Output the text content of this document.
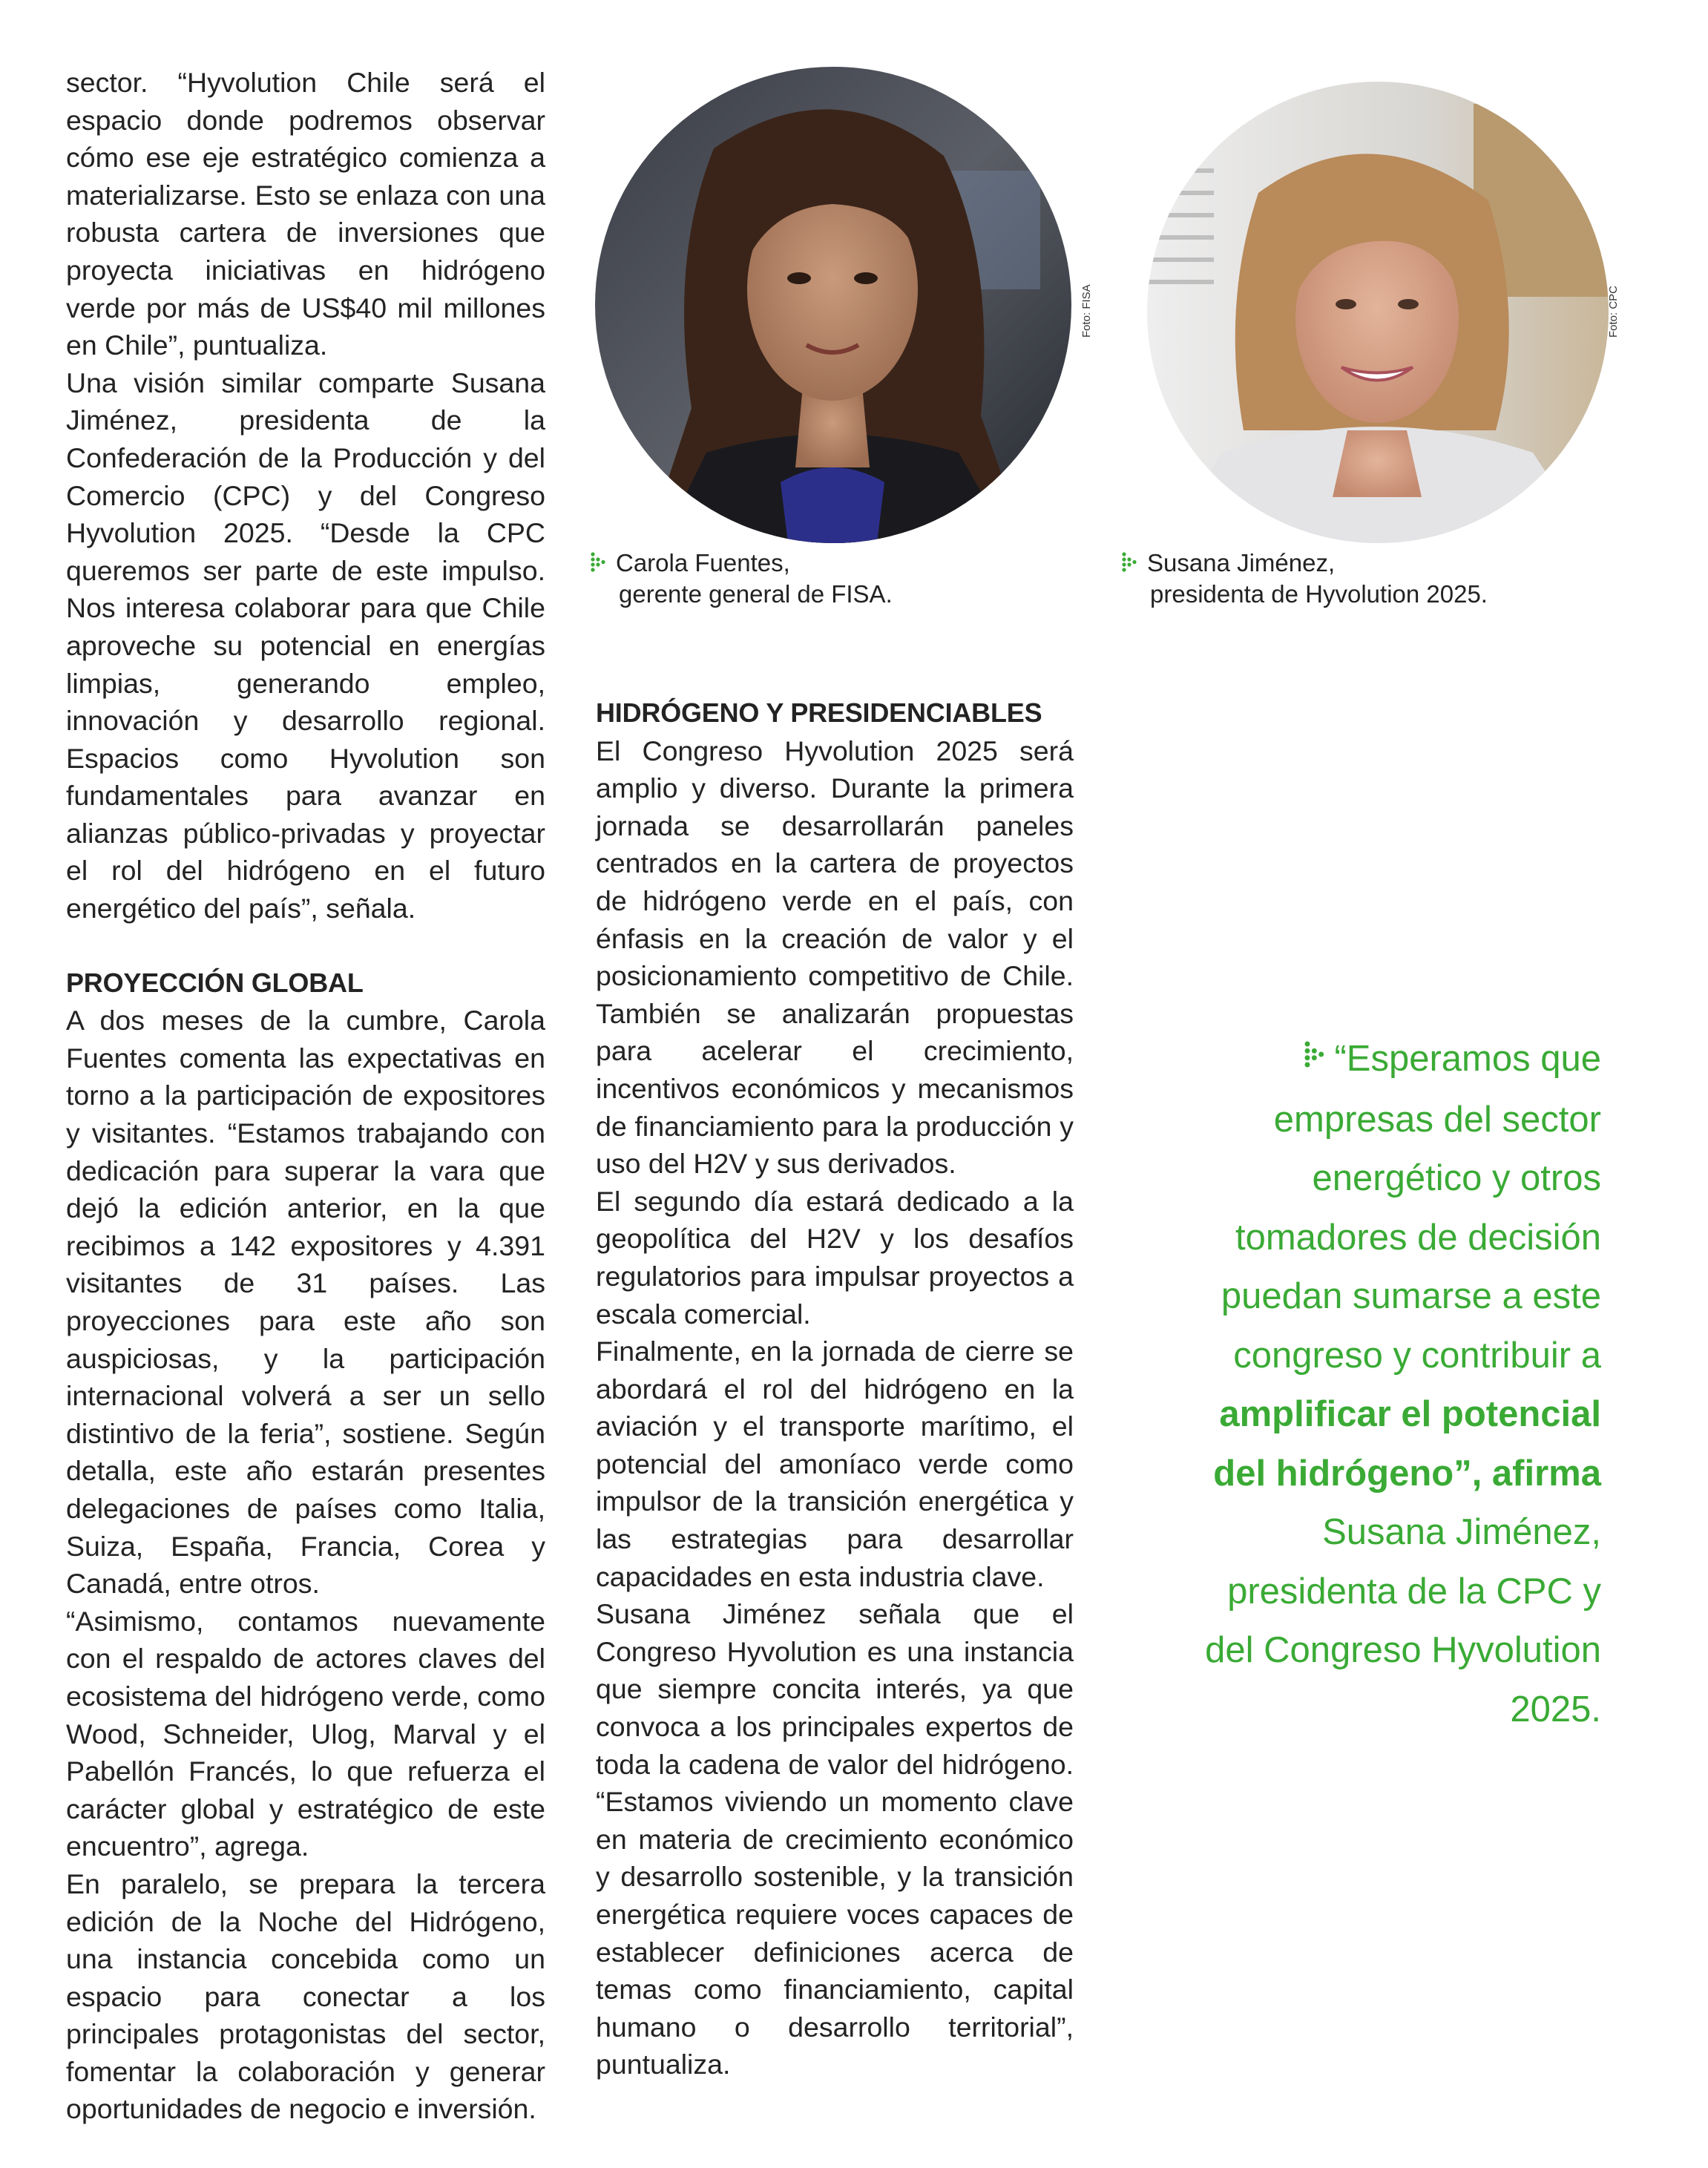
sector. “Hyvolution Chile será el espacio donde podremos observar cómo ese eje estratégico comienza a materializarse. Esto se enlaza con una robusta cartera de inversiones que proyecta iniciativas en hidrógeno verde por más de US$40 mil millones en Chile”, puntualiza.

Una visión similar comparte Susana Jiménez, presidenta de la Confederación de la Producción y del Comercio (CPC) y del Congreso Hyvolution 2025. “Desde la CPC queremos ser parte de este impulso. Nos interesa colaborar para que Chile aproveche su potencial en energías limpias, generando empleo, innovación y desarrollo regional. Espacios como Hyvolution son fundamentales para avanzar en alianzas público-privadas y proyectar el rol del hidrógeno en el futuro energético del país”, señala.

PROYECCIÓN GLOBAL

A dos meses de la cumbre, Carola Fuentes comenta las expectativas en torno a la participación de expositores y visitantes. “Estamos trabajando con dedicación para superar la vara que dejó la edición anterior, en la que recibimos a 142 expositores y 4.391 visitantes de 31 países. Las proyecciones para este año son auspiciosas, y la participación internacional volverá a ser un sello distintivo de la feria”, sostiene. Según detalla, este año estarán presentes delegaciones de países como Italia, Suiza, España, Francia, Corea y Canadá, entre otros.

“Asimismo, contamos nuevamente con el respaldo de actores claves del ecosistema del hidrógeno verde, como Wood, Schneider, Ulog, Marval y el Pabellón Francés, lo que refuerza el carácter global y estratégico de este encuentro”, agrega.

En paralelo, se prepara la tercera edición de la Noche del Hidrógeno, una instancia concebida como un espacio para conectar a los principales protagonistas del sector, fomentar la colaboración y generar oportunidades de negocio e inversión.

Foto: FISA	Foto: CPC
Carola Fuentes,
gerente general de FISA.
Susana Jiménez,
presidenta de Hyvolution 2025.
HIDRÓGENO Y PRESIDENCIABLES

El Congreso Hyvolution 2025 será amplio y diverso. Durante la primera jornada se desarrollarán paneles centrados en la cartera de proyectos de hidrógeno verde en el país, con énfasis en la creación de valor y el posicionamiento competitivo de Chile. También se analizarán propuestas para acelerar el crecimiento, incentivos económicos y mecanismos de financiamiento para la producción y uso del H2V y sus derivados.

El segundo día estará dedicado a la geopolítica del H2V y los desafíos regulatorios para impulsar proyectos a escala comercial.

Finalmente, en la jornada de cierre se abordará el rol del hidrógeno en la aviación y el transporte marítimo, el potencial del amoníaco verde como impulsor de la transición energética y las estrategias para desarrollar capacidades en esta industria clave.

Susana Jiménez señala que el Congreso Hyvolution es una instancia que siempre concita interés, ya que convoca a los principales expertos de toda la cadena de valor del hidrógeno. “Estamos viviendo un momento clave en materia de crecimiento económico y desarrollo sostenible, y la transición energética requiere voces capaces de establecer definiciones acerca de temas como financiamiento, capital humano o desarrollo territorial”, puntualiza.

“Esperamos que empresas del sector energético y otros tomadores de decisión puedan sumarse a este congreso y contribuir a amplificar el potencial del hidrógeno”, afirma Susana Jiménez, presidenta de la CPC y del Congreso Hyvolution 2025.
